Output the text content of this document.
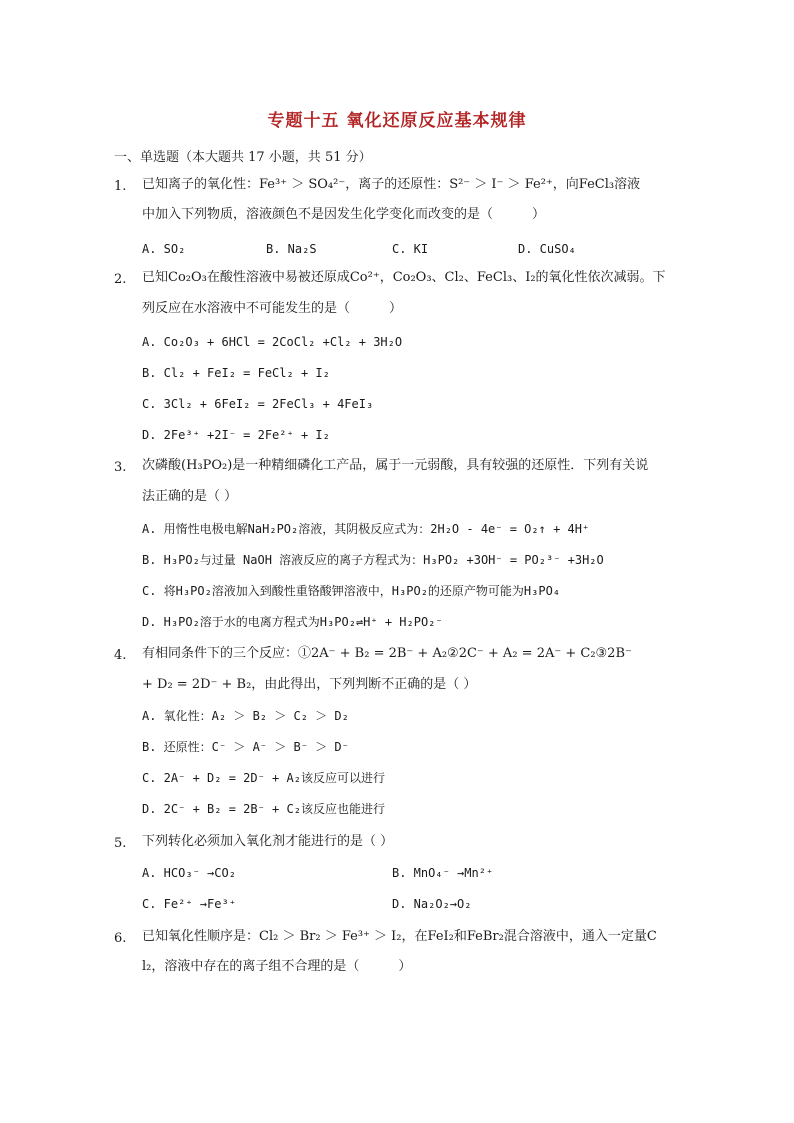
专题十五 氧化还原反应基本规律
一、单选题（本大题共 17 小题，共 51 分）
1. 已知离子的氧化性：Fe³⁺ ＞ SO₄²⁻，离子的还原性：S²⁻ ＞ I⁻ ＞ Fe²⁺，向FeCl₃溶液
中加入下列物质，溶液颜色不是因发生化学变化而改变的是（　　　）
A. SO₂	B. Na₂S	C. KI	D. CuSO₄
2. 已知Co₂O₃在酸性溶液中易被还原成Co²⁺，Co₂O₃、Cl₂、FeCl₃、I₂的氧化性依次减弱。下
列反应在水溶液中不可能发生的是（　　　）
A. Co₂O₃ + 6HCl = 2CoCl₂ +Cl₂ + 3H₂O
B. Cl₂ + FeI₂ = FeCl₂ + I₂
C. 3Cl₂ + 6FeI₂ = 2FeCl₃ + 4FeI₃
D. 2Fe³⁺ +2I⁻ = 2Fe²⁺ + I₂
3. 次磷酸(H₃PO₂)是一种精细磷化工产品，属于一元弱酸，具有较强的还原性．下列有关说
法正确的是（ ）
A. 用惰性电极电解NaH₂PO₂溶液，其阴极反应式为：2H₂O - 4e⁻ = O₂↑ + 4H⁺
B. H₃PO₂与过量 NaOH 溶液反应的离子方程式为：H₃PO₂ +3OH⁻ = PO₂³⁻ +3H₂O
C. 将H₃PO₂溶液加入到酸性重铬酸钾溶液中，H₃PO₂的还原产物可能为H₃PO₄
D. H₃PO₂溶于水的电离方程式为H₃PO₂⇌H⁺ + H₂PO₂⁻
4. 有相同条件下的三个反应：①2A⁻ + B₂ = 2B⁻ + A₂②2C⁻ + A₂ = 2A⁻ + C₂③2B⁻
+ D₂ = 2D⁻ + B₂，由此得出，下列判断不正确的是（ ）
A. 氧化性：A₂ ＞ B₂ ＞ C₂ ＞ D₂
B. 还原性：C⁻ ＞ A⁻ ＞ B⁻ ＞ D⁻
C. 2A⁻ + D₂ = 2D⁻ + A₂该反应可以进行
D. 2C⁻ + B₂ = 2B⁻ + C₂该反应也能进行
5. 下列转化必须加入氧化剂才能进行的是（ ）
A. HCO₃⁻ →CO₂	B. MnO₄⁻ →Mn²⁺
C. Fe²⁺ →Fe³⁺	D. Na₂O₂→O₂
6. 已知氧化性顺序是：Cl₂ ＞ Br₂ ＞ Fe³⁺ ＞ I₂，在FeI₂和FeBr₂混合溶液中，通入一定量C
l₂，溶液中存在的离子组不合理的是（　　　）
